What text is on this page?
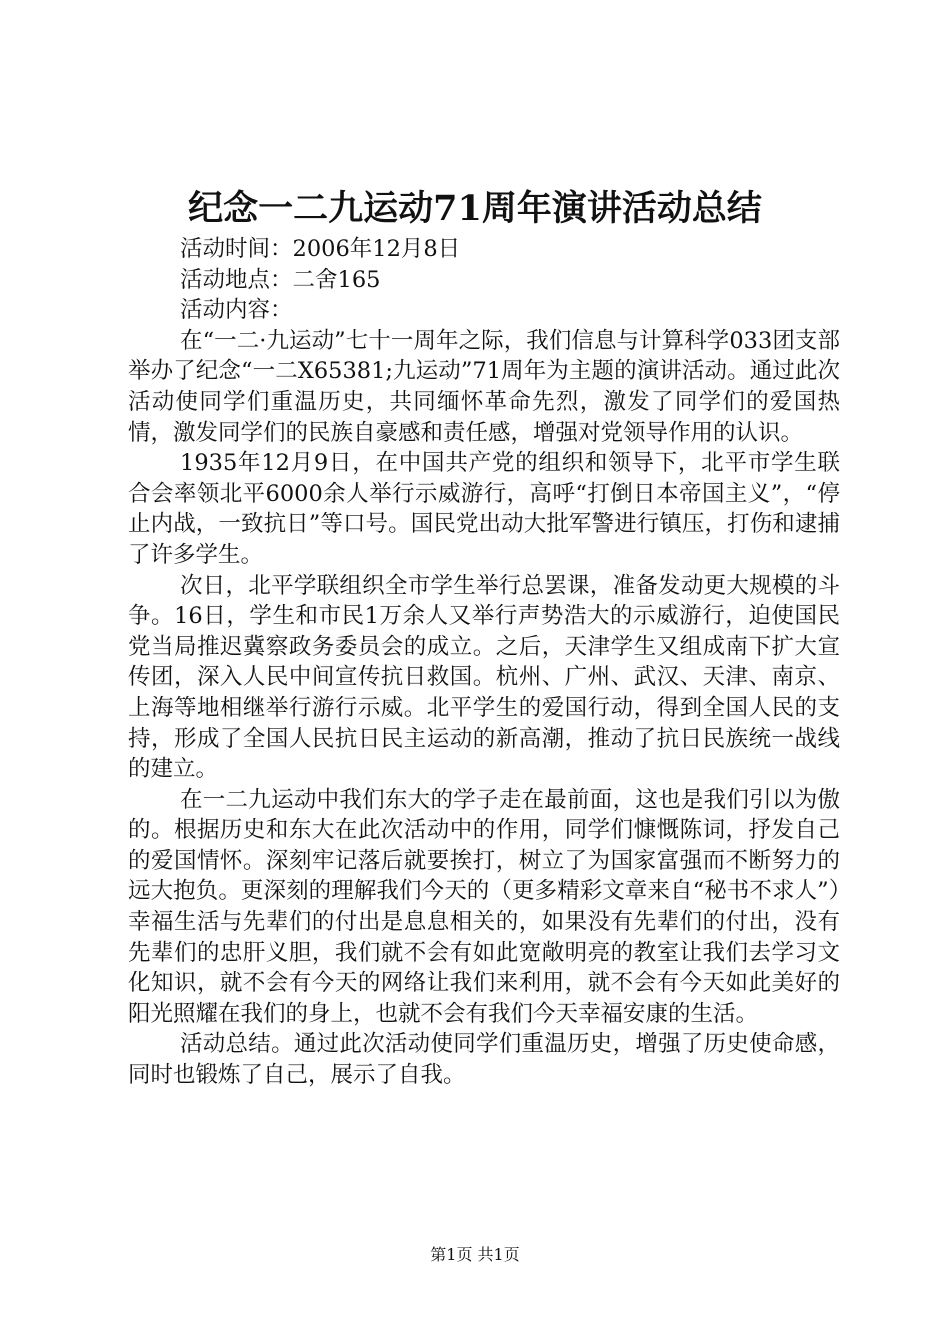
纪念一二九运动71周年演讲活动总结

活动时间：2006年12月8日

活动地点：二舍165

活动内容：

在“一二·九运动”七十一周年之际，我们信息与计算科学033团支部举办了纪念“一二X65381;九运动”71周年为主题的演讲活动。通过此次活动使同学们重温历史，共同缅怀革命先烈，激发了同学们的爱国热情，激发同学们的民族自豪感和责任感，增强对党领导作用的认识。

1935年12月9日，在中国共产党的组织和领导下，北平市学生联合会率领北平6000余人举行示威游行，高呼“打倒日本帝国主义”，“停止内战，一致抗日”等口号。国民党出动大批军警进行镇压，打伤和逮捕了许多学生。

次日，北平学联组织全市学生举行总罢课，准备发动更大规模的斗争。16日，学生和市民1万余人又举行声势浩大的示威游行，迫使国民党当局推迟冀察政务委员会的成立。之后，天津学生又组成南下扩大宣传团，深入人民中间宣传抗日救国。杭州、广州、武汉、天津、南京、上海等地相继举行游行示威。北平学生的爱国行动，得到全国人民的支持，形成了全国人民抗日民主运动的新高潮，推动了抗日民族统一战线的建立。

在一二九运动中我们东大的学子走在最前面，这也是我们引以为傲的。根据历史和东大在此次活动中的作用，同学们慷慨陈词，抒发自己的爱国情怀。深刻牢记落后就要挨打，树立了为国家富强而不断努力的远大抱负。更深刻的理解我们今天的（更多精彩文章来自“秘书不求人”）幸福生活与先辈们的付出是息息相关的，如果没有先辈们的付出，没有先辈们的忠肝义胆，我们就不会有如此宽敞明亮的教室让我们去学习文化知识，就不会有今天的网络让我们来利用，就不会有今天如此美好的阳光照耀在我们的身上，也就不会有我们今天幸福安康的生活。

活动总结。通过此次活动使同学们重温历史，增强了历史使命感，同时也锻炼了自己，展示了自我。

第1页 共1页
